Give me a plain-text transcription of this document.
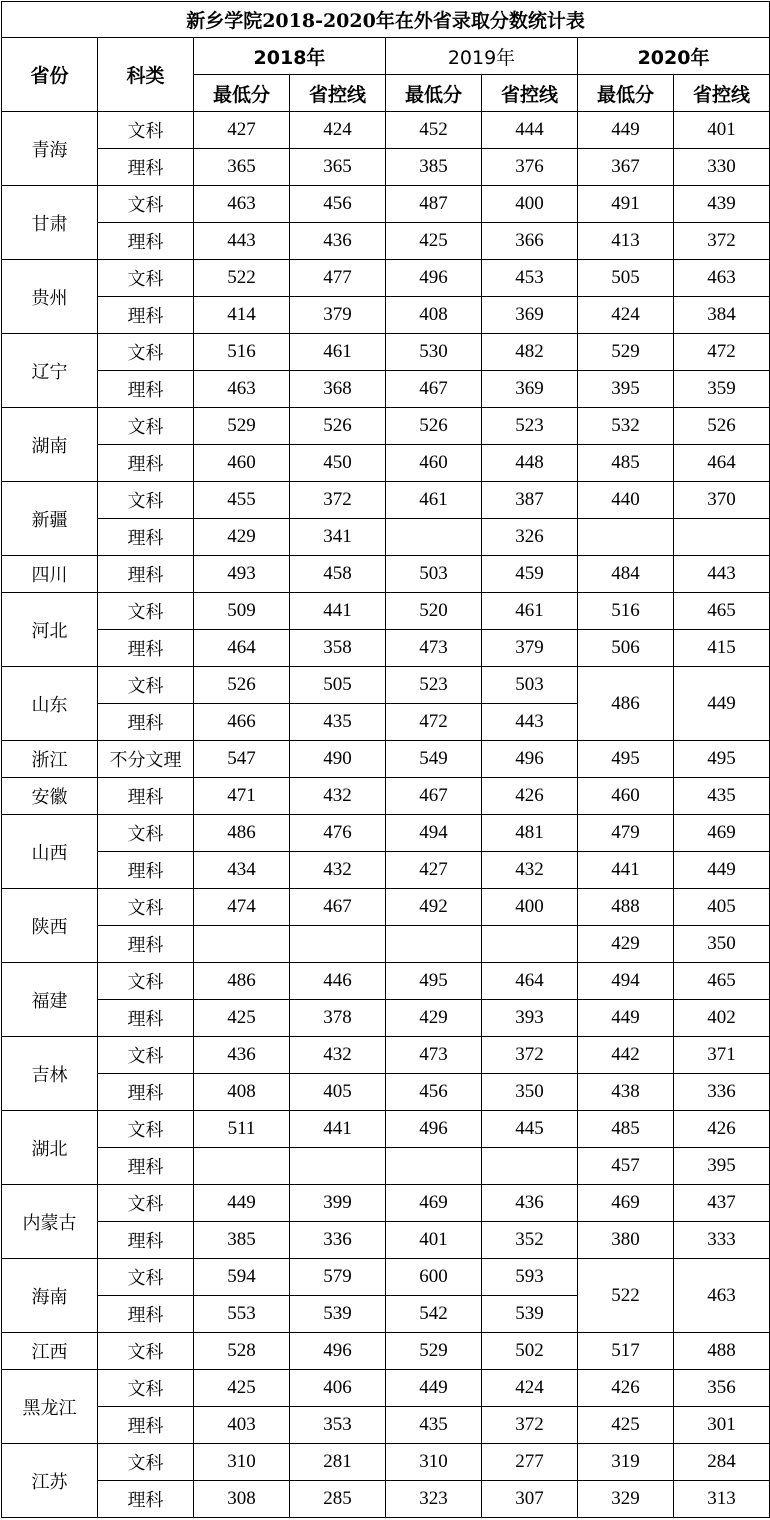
新乡学院2018-2020年在外省录取分数统计表							
省份	科类	2018年		2019年		2020年	
		最低分	省控线	最低分	省控线	最低分	省控线
青海	文科	427	424	452	444	449	401
	理科	365	365	385	376	367	330
甘肃	文科	463	456	487	400	491	439
	理科	443	436	425	366	413	372
贵州	文科	522	477	496	453	505	463
	理科	414	379	408	369	424	384
辽宁	文科	516	461	530	482	529	472
	理科	463	368	467	369	395	359
湖南	文科	529	526	526	523	532	526
	理科	460	450	460	448	485	464
新疆	文科	455	372	461	387	440	370
	理科	429	341		326		
四川	理科	493	458	503	459	484	443
河北	文科	509	441	520	461	516	465
	理科	464	358	473	379	506	415
山东	文科	526	505	523	503	486	449
	理科	466	435	472	443		
浙江	不分文理	547	490	549	496	495	495
安徽	理科	471	432	467	426	460	435
山西	文科	486	476	494	481	479	469
	理科	434	432	427	432	441	449
陕西	文科	474	467	492	400	488	405
	理科					429	350
福建	文科	486	446	495	464	494	465
	理科	425	378	429	393	449	402
吉林	文科	436	432	473	372	442	371
	理科	408	405	456	350	438	336
湖北	文科	511	441	496	445	485	426
	理科					457	395
内蒙古	文科	449	399	469	436	469	437
	理科	385	336	401	352	380	333
海南	文科	594	579	600	593	522	463
	理科	553	539	542	539		
江西	文科	528	496	529	502	517	488
黑龙江	文科	425	406	449	424	426	356
	理科	403	353	435	372	425	301
江苏	文科	310	281	310	277	319	284
	理科	308	285	323	307	329	313
